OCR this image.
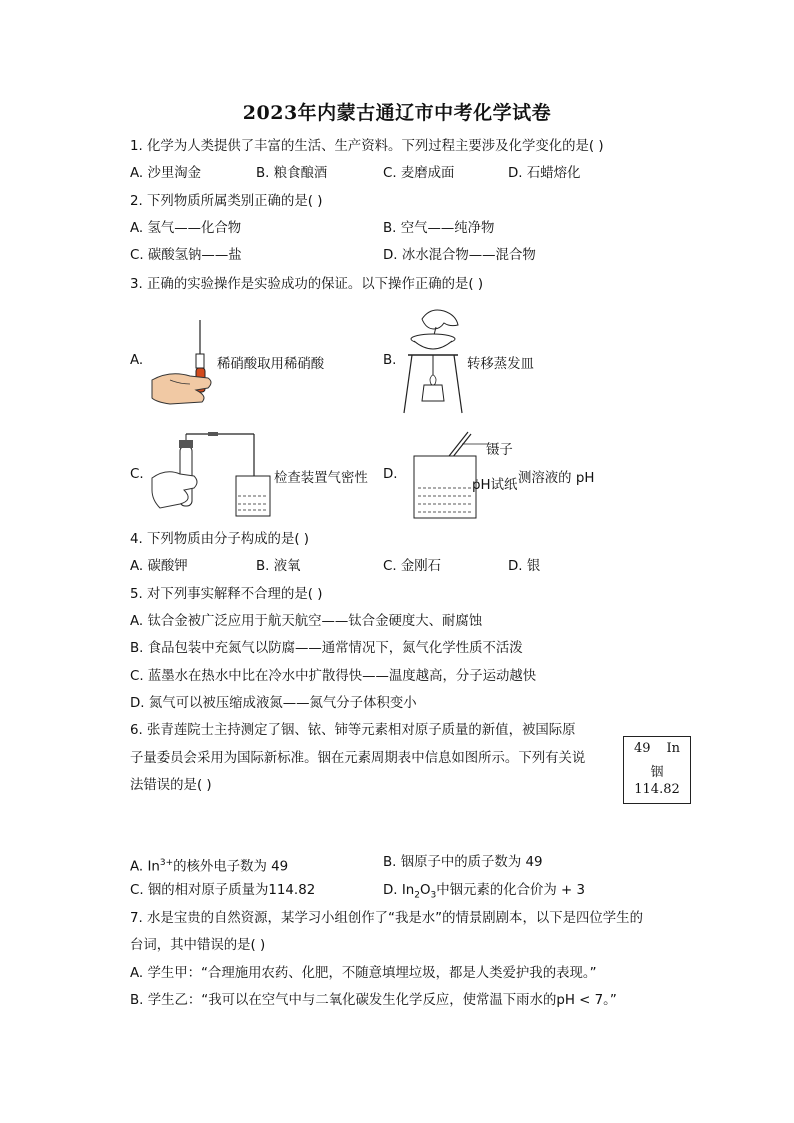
2023年内蒙古通辽市中考化学试卷
1. 化学为人类提供了丰富的生活、生产资料。下列过程主要涉及化学变化的是( )
A. 沙里淘金	B. 粮食酿酒	C. 麦磨成面	D. 石蜡熔化
2. 下列物质所属类别正确的是( )
A. 氢气——化合物	B. 空气——纯净物
C. 碳酸氢钠——盐	D. 冰水混合物——混合物
3. 正确的实验操作是实验成功的保证。以下操作正确的是( )
A.	稀硝酸取用稀硝酸	B.	转移蒸发皿
C.	检查装置气密性 D.
镊子
pH试纸 测溶液的 pH
4. 下列物质由分子构成的是( )
A. 碳酸钾	B. 液氧	C. 金刚石	D. 银
5. 对下列事实解释不合理的是( )
A. 钛合金被广泛应用于航天航空——钛合金硬度大、耐腐蚀
B. 食品包装中充氮气以防腐——通常情况下，氮气化学性质不活泼
C. 蓝墨水在热水中比在冷水中扩散得快——温度越高，分子运动越快
D. 氮气可以被压缩成液氮——氮气分子体积变小
6. 张青莲院士主持测定了铟、铱、铈等元素相对原子质量的新值，被国际原
子量委员会采用为国际新标准。铟在元素周期表中信息如图所示。下列有关说
法错误的是( )
49 In
铟
114.82
A. $In^{3+}$的核外电子数为 49	B. 铟原子中的质子数为 49
C. 铟的相对原子质量为114.82	D. $In_2O_3$中铟元素的化合价为 + 3
7. 水是宝贵的自然资源，某学习小组创作了“我是水”的情景剧剧本，以下是四位学生的
台词，其中错误的是( )
A. 学生甲：“合理施用农药、化肥，不随意填埋垃圾，都是人类爱护我的表现。”
B. 学生乙：“我可以在空气中与二氧化碳发生化学反应，使常温下雨水的pH < 7。”
